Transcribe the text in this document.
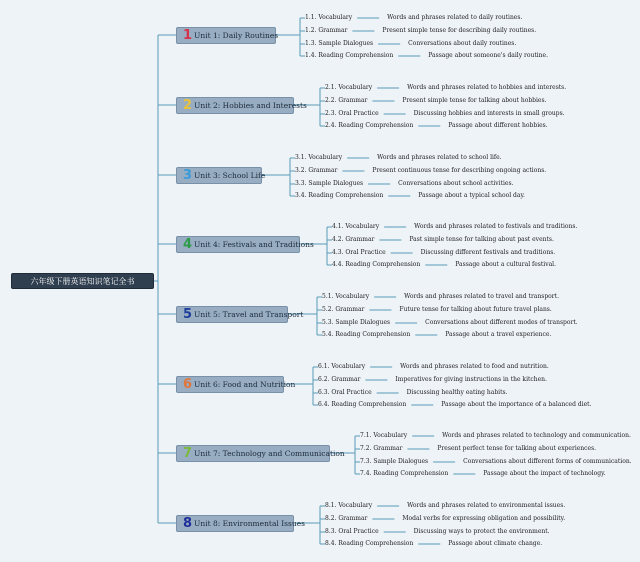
六年级下册英语知识笔记全书
1 Unit 1: Daily Routines
1.1. Vocabulary	Words and phrases related to daily routines.
1.2. Grammar	Present simple tense for describing daily routines.
1.3. Sample Dialogues	Conversations about daily routines.
1.4. Reading Comprehension	Passage about someone's daily routine.
2 Unit 2: Hobbies and Interests
2.1. Vocabulary	Words and phrases related to hobbies and interests.
2.2. Grammar	Present simple tense for talking about hobbies.
2.3. Oral Practice	Discussing hobbies and interests in small groups.
2.4. Reading Comprehension	Passage about different hobbies.
3 Unit 3: School Life
3.1. Vocabulary	Words and phrases related to school life.
3.2. Grammar	Present continuous tense for describing ongoing actions.
3.3. Sample Dialogues	Conversations about school activities.
3.4. Reading Comprehension	Passage about a typical school day.
4 Unit 4: Festivals and Traditions
4.1. Vocabulary	Words and phrases related to festivals and traditions.
4.2. Grammar	Past simple tense for talking about past events.
4.3. Oral Practice	Discussing different festivals and traditions.
4.4. Reading Comprehension	Passage about a cultural festival.
5 Unit 5: Travel and Transport
5.1. Vocabulary	Words and phrases related to travel and transport.
5.2. Grammar	Future tense for talking about future travel plans.
5.3. Sample Dialogues	Conversations about different modes of transport.
5.4. Reading Comprehension	Passage about a travel experience.
6 Unit 6: Food and Nutrition
6.1. Vocabulary	Words and phrases related to food and nutrition.
6.2. Grammar	Imperatives for giving instructions in the kitchen.
6.3. Oral Practice	Discussing healthy eating habits.
6.4. Reading Comprehension	Passage about the importance of a balanced diet.
7 Unit 7: Technology and Communication
7.1. Vocabulary	Words and phrases related to technology and communication.
7.2. Grammar	Present perfect tense for talking about experiences.
7.3. Sample Dialogues	Conversations about different forms of communication.
7.4. Reading Comprehension	Passage about the impact of technology.
8 Unit 8: Environmental Issues
8.1. Vocabulary	Words and phrases related to environmental issues.
8.2. Grammar	Modal verbs for expressing obligation and possibility.
8.3. Oral Practice	Discussing ways to protect the environment.
8.4. Reading Comprehension	Passage about climate change.
